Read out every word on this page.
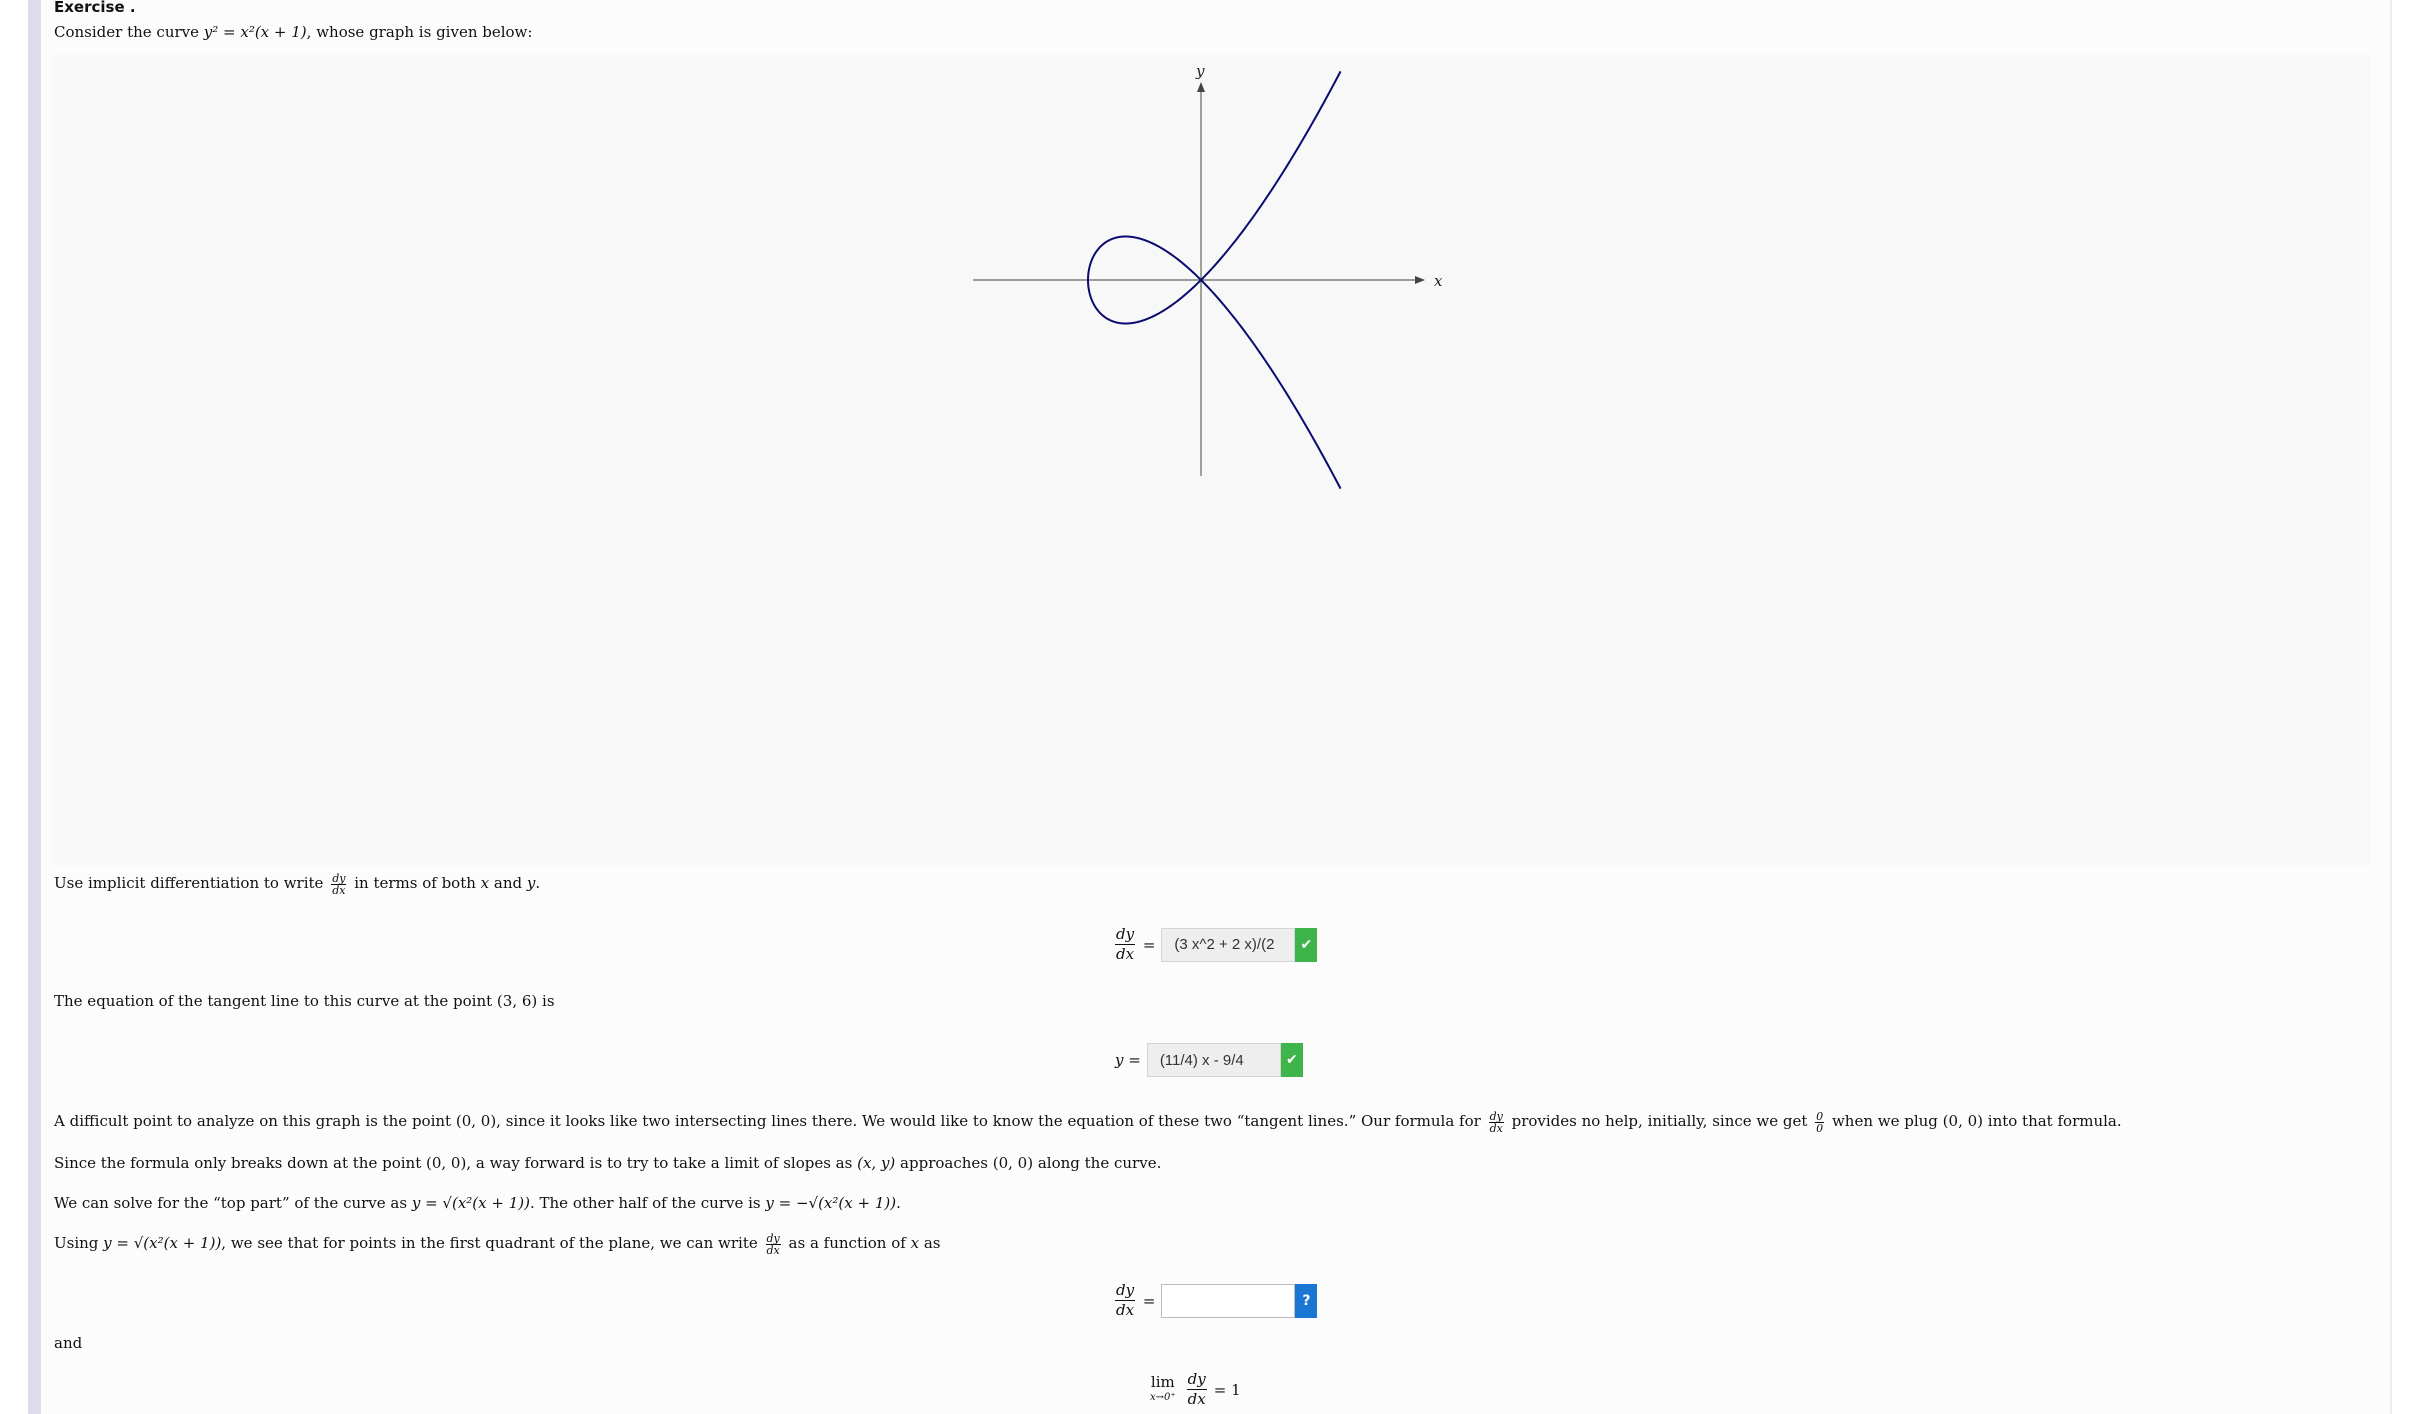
Exercise .
Consider the curve y² = x²(x + 1), whose graph is given below:
x
y
Use implicit differentiation to write $\frac{dy}{dx}$ in terms of both x and y.
$\frac{dy}{dx}$ =	(3 x^2 + 2 x)/(2	✔
The equation of the tangent line to this curve at the point (3, 6) is
y =	(11/4) x - 9/4	✔
A difficult point to analyze on this graph is the point (0, 0), since it looks like two intersecting lines there. We would like to know the equation of these two “tangent lines.” Our formula for $\frac{dy}{dx}$ provides no help, initially, since we get $\frac{0}{0}$ when we plug (0, 0) into that formula.
Since the formula only breaks down at the point (0, 0), a way forward is to try to take a limit of slopes as (x, y) approaches (0, 0) along the curve.
We can solve for the “top part” of the curve as y = √(x²(x + 1)). The other half of the curve is y = −√(x²(x + 1)).
Using y = √(x²(x + 1)), we see that for points in the first quadrant of the plane, we can write $\frac{dy}{dx}$ as a function of x as
$\frac{dy}{dx}$ =	?
and
lim
$x\to 0^+ \frac{dy}{dx} = 1$
